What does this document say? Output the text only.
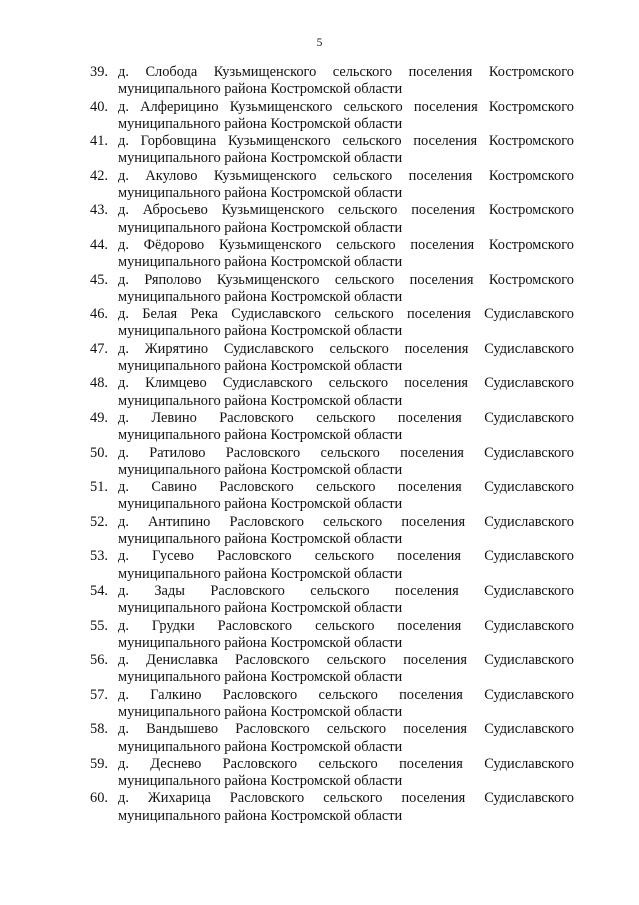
5
39. д. Слобода Кузьмищенского сельского поселения Костромского
муниципального района Костромской области
40. д. Алферицино Кузьмищенского сельского поселения Костромского
муниципального района Костромской области
41. д. Горбовщина Кузьмищенского сельского поселения Костромского
муниципального района Костромской области
42. д. Акулово Кузьмищенского сельского поселения Костромского
муниципального района Костромской области
43. д. Абросьево Кузьмищенского сельского поселения Костромского
муниципального района Костромской области
44. д. Фёдорово Кузьмищенского сельского поселения Костромского
муниципального района Костромской области
45. д. Ряполово Кузьмищенского сельского поселения Костромского
муниципального района Костромской области
46. д. Белая Река Судиславского сельского поселения Судиславского
муниципального района Костромской области
47. д. Жирятино Судиславского сельского поселения Судиславского
муниципального района Костромской области
48. д. Климцево Судиславского сельского поселения Судиславского
муниципального района Костромской области
49. д. Левино Расловского сельского поселения Судиславского
муниципального района Костромской области
50. д. Ратилово Расловского сельского поселения Судиславского
муниципального района Костромской области
51. д. Савино Расловского сельского поселения Судиславского
муниципального района Костромской области
52. д. Антипино Расловского сельского поселения Судиславского
муниципального района Костромской области
53. д. Гусево Расловского сельского поселения Судиславского
муниципального района Костромской области
54. д. Зады Расловского сельского поселения Судиславского
муниципального района Костромской области
55. д. Грудки Расловского сельского поселения Судиславского
муниципального района Костромской области
56. д. Дениславка Расловского сельского поселения Судиславского
муниципального района Костромской области
57. д. Галкино Расловского сельского поселения Судиславского
муниципального района Костромской области
58. д. Вандышево Расловского сельского поселения Судиславского
муниципального района Костромской области
59. д. Деснево Расловского сельского поселения Судиславского
муниципального района Костромской области
60. д. Жихарица Расловского сельского поселения Судиславского
муниципального района Костромской области
